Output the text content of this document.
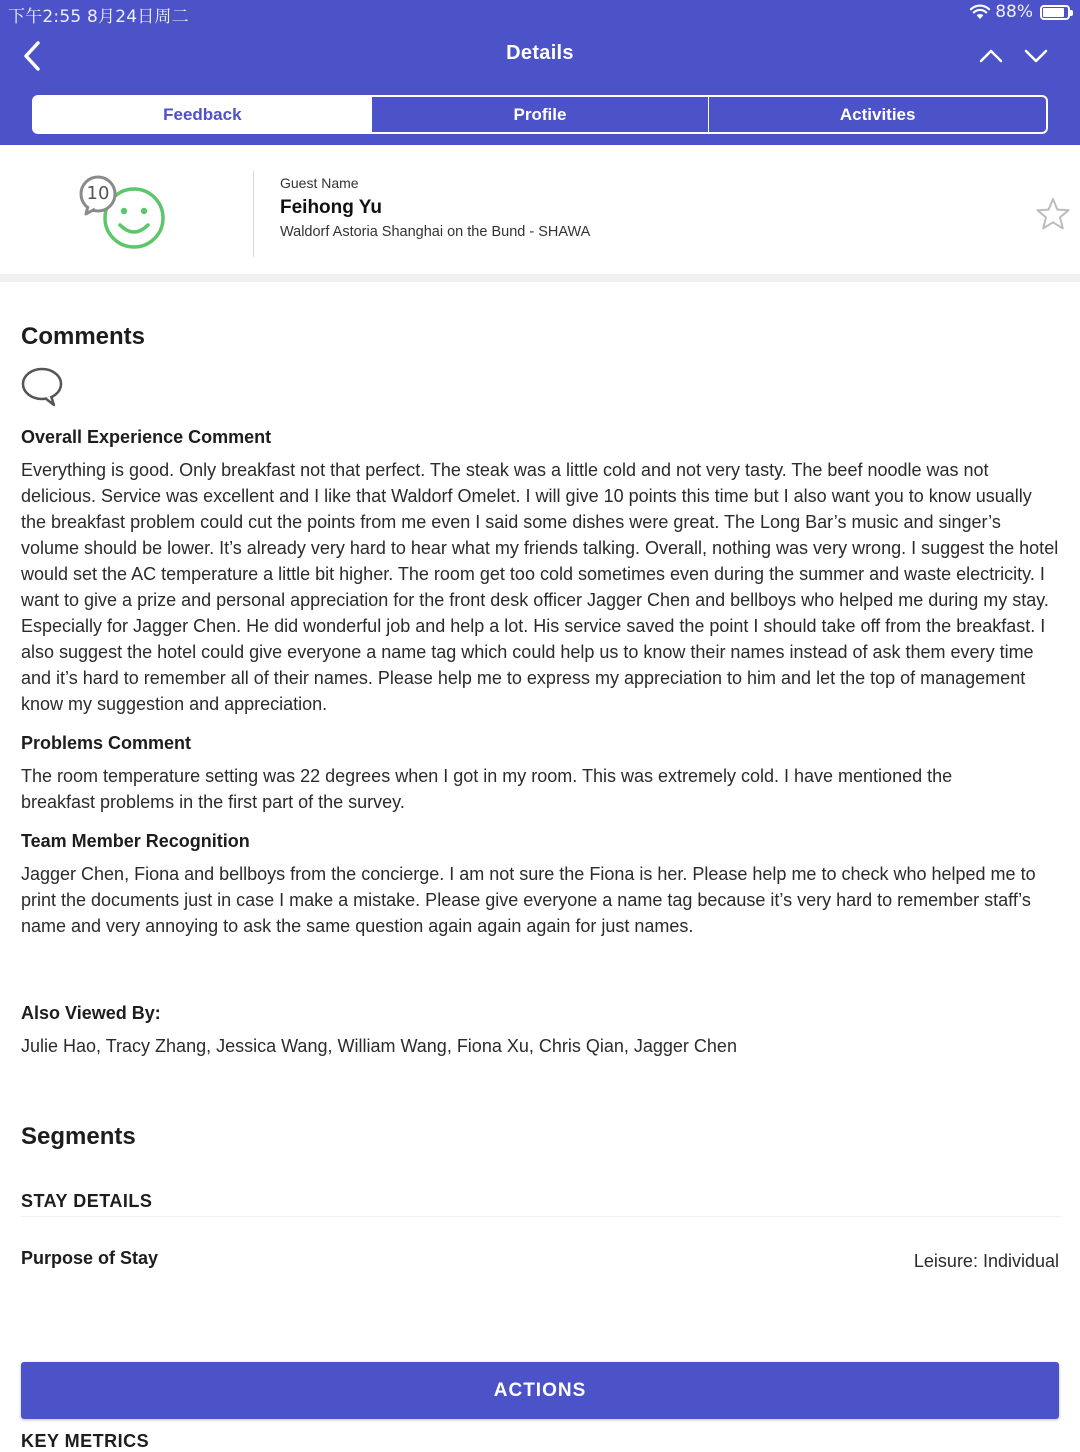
下午2:55 8月24日周二	88%
Details
Feedback	Profile	Activities
10	Guest Name
Feihong Yu
Waldorf Astoria Shanghai on the Bund - SHAWA
Comments
Overall Experience Comment
Everything is good. Only breakfast not that perfect. The steak was a little cold and not very tasty. The beef noodle was not delicious. Service was excellent and I like that Waldorf Omelet. I will give 10 points this time but I also want you to know usually the breakfast problem could cut the points from me even I said some dishes were great. The Long Bar’s music and singer’s volume should be lower. It’s already very hard to hear what my friends talking. Overall, nothing was very wrong. I suggest the hotel would set the AC temperature a little bit higher. The room get too cold sometimes even during the summer and waste electricity. I want to give a prize and personal appreciation for the front desk officer Jagger Chen and bellboys who helped me during my stay. Especially for Jagger Chen. He did wonderful job and help a lot. His service saved the point I should take off from the breakfast. I also suggest the hotel could give everyone a name tag which could help us to know their names instead of ask them every time and it’s hard to remember all of their names. Please help me to express my appreciation to him and let the top of management know my suggestion and appreciation.
Problems Comment
The room temperature setting was 22 degrees when I got in my room. This was extremely cold. I have mentioned the breakfast problems in the first part of the survey.
Team Member Recognition
Jagger Chen, Fiona and bellboys from the concierge. I am not sure the Fiona is her. Please help me to check who helped me to print the documents just in case I make a mistake. Please give everyone a name tag because it’s very hard to remember staff’s name and very annoying to ask the same question again again again for just names.
Also Viewed By:
Julie Hao, Tracy Zhang, Jessica Wang, William Wang, Fiona Xu, Chris Qian, Jagger Chen
Segments
STAY DETAILS
Purpose of Stay	Leisure: Individual
ACTIONS
KEY METRICS
